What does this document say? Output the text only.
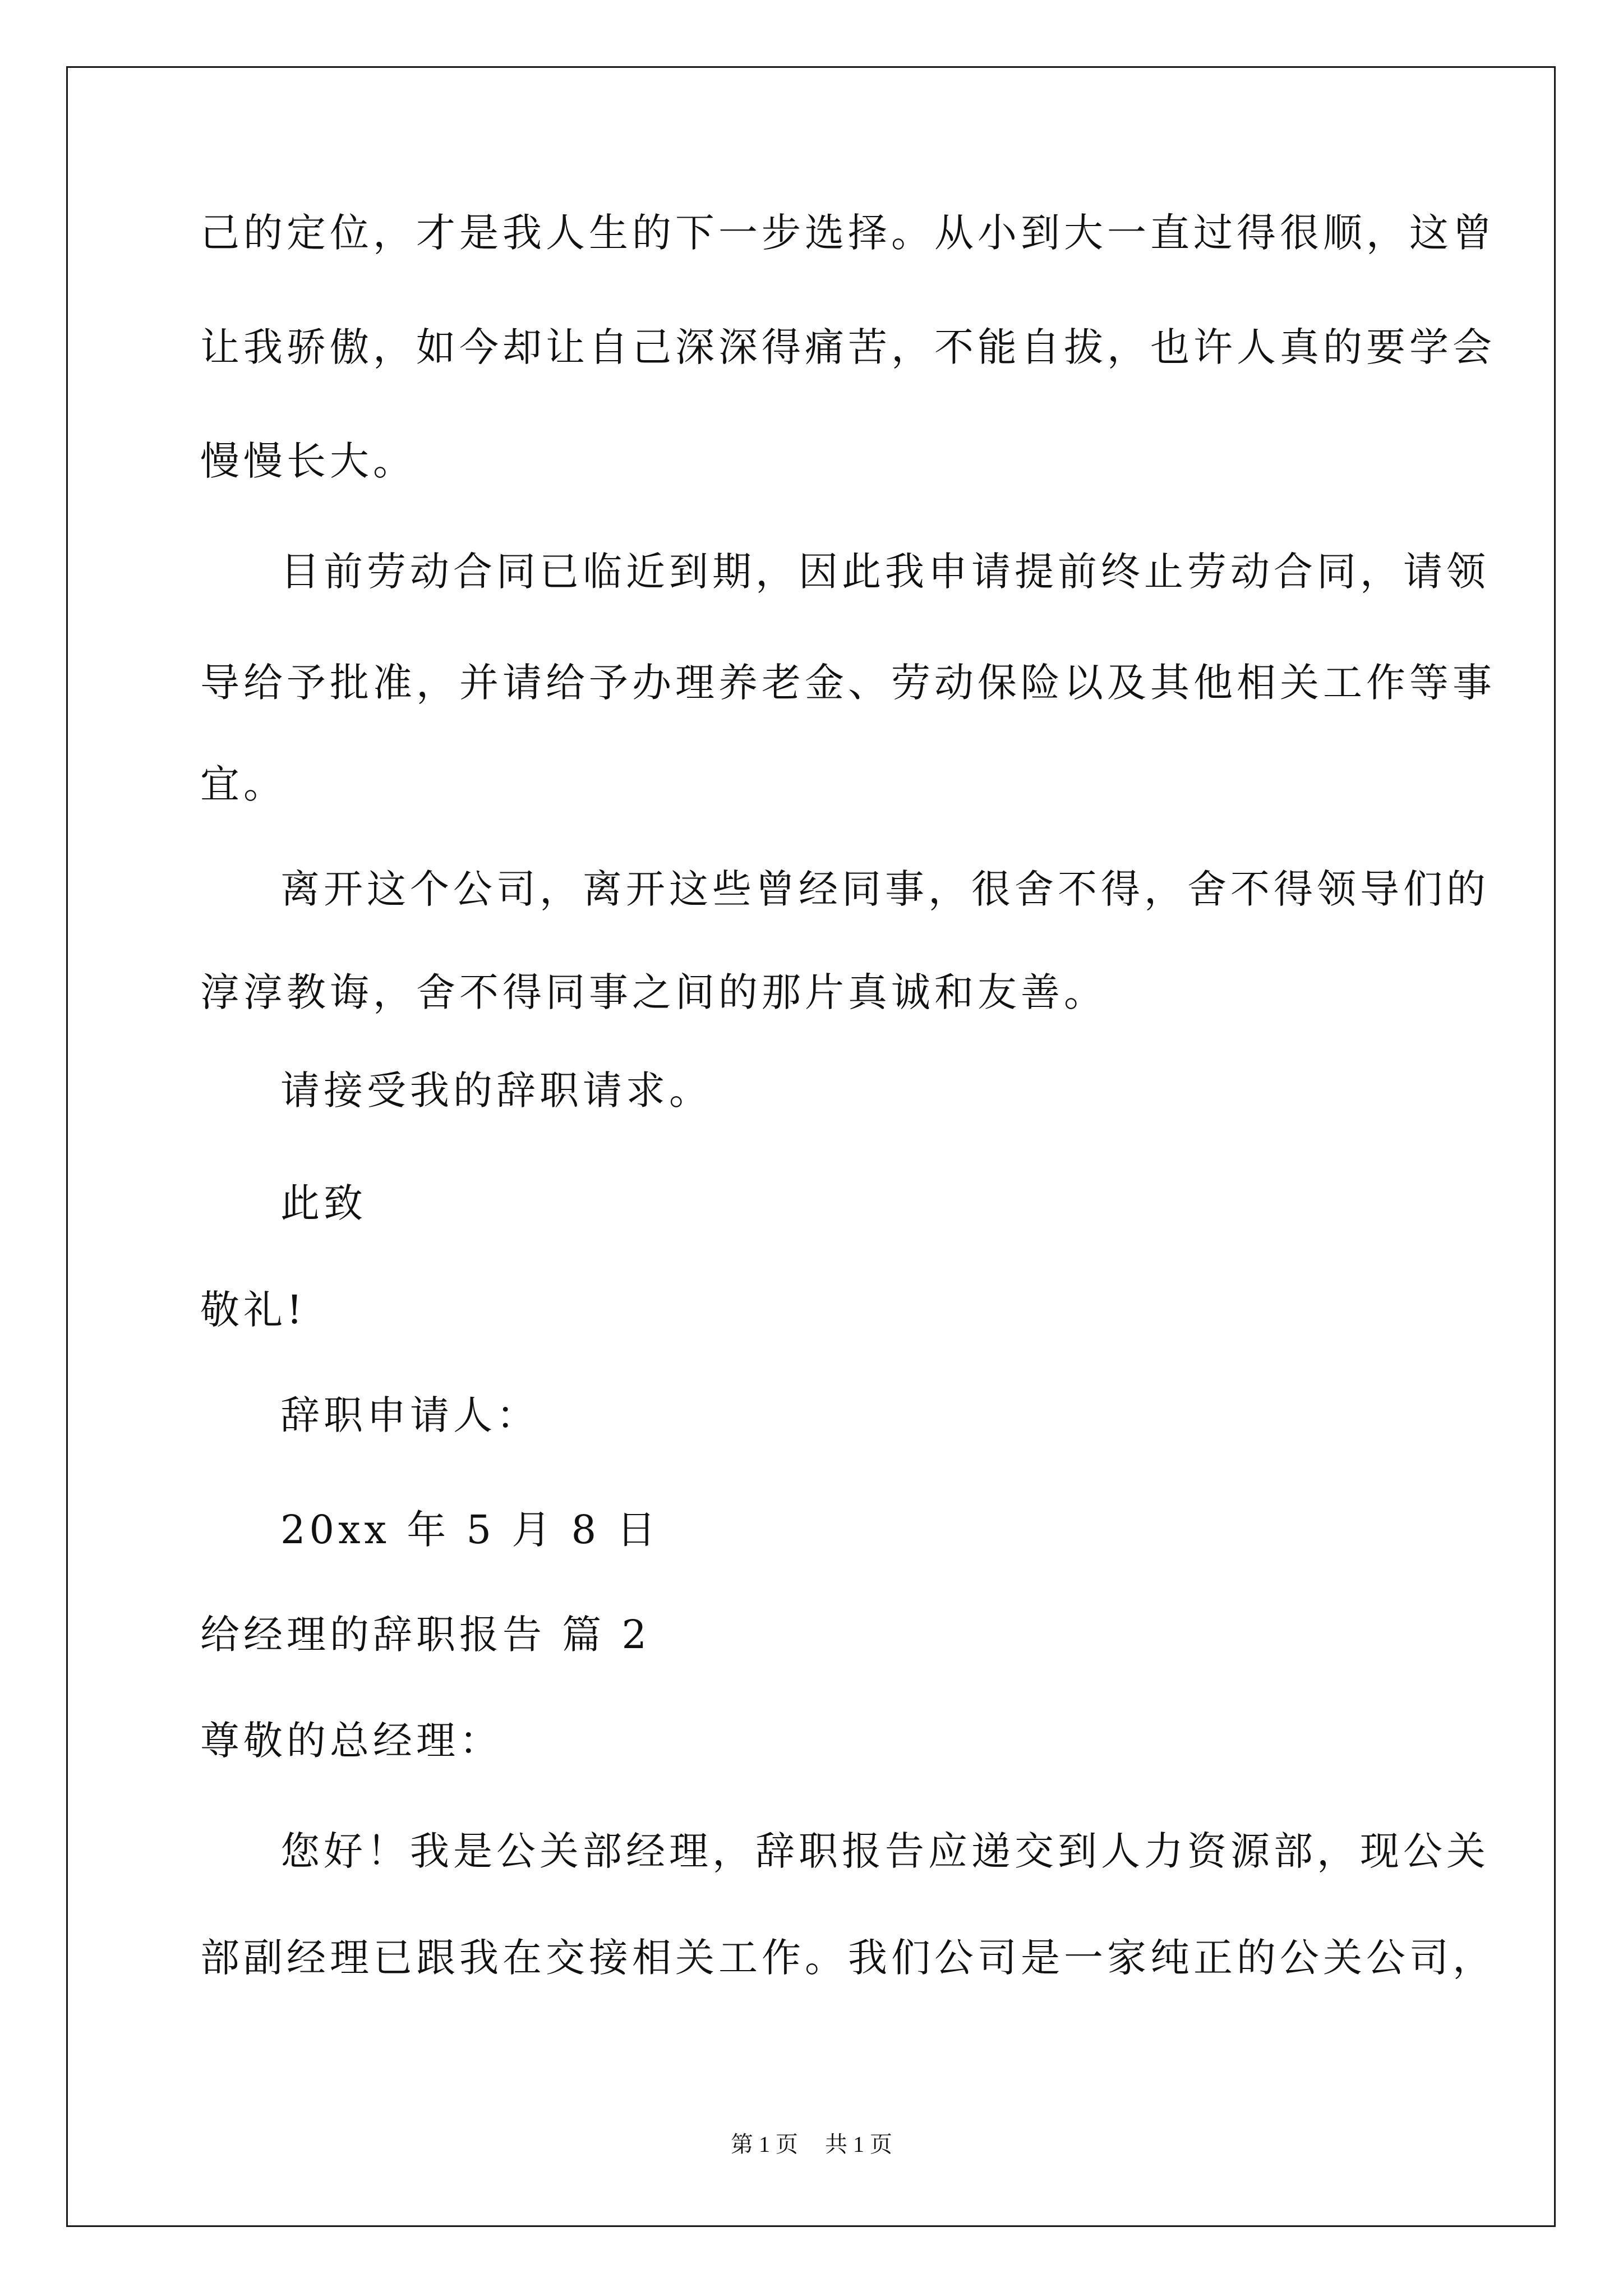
己的定位，才是我人生的下一步选择。从小到大一直过得很顺，这曾
让我骄傲，如今却让自己深深得痛苦，不能自拔，也许人真的要学会
慢慢长大。
目前劳动合同已临近到期，因此我申请提前终止劳动合同，请领
导给予批准，并请给予办理养老金、劳动保险以及其他相关工作等事
宜。
离开这个公司，离开这些曾经同事，很舍不得，舍不得领导们的
淳淳教诲，舍不得同事之间的那片真诚和友善。
请接受我的辞职请求。
此致
敬礼!
辞职申请人：
20xx 年 5 月 8 日
给经理的辞职报告 篇 2
尊敬的总经理：
您好！我是公关部经理，辞职报告应递交到人力资源部，现公关
部副经理已跟我在交接相关工作。我们公司是一家纯正的公关公司，
第 1 页 共 1 页
